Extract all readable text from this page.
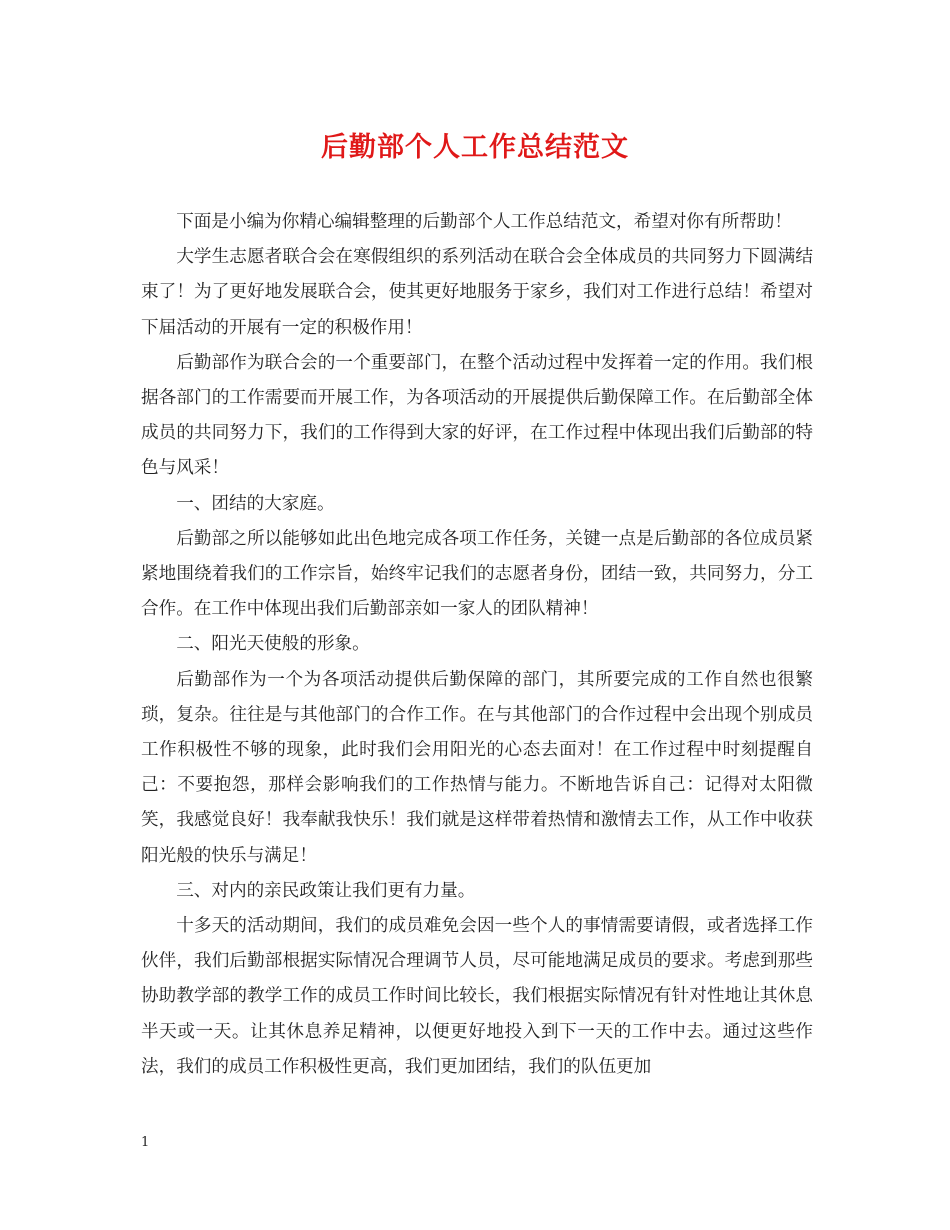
后勤部个人工作总结范文

下面是小编为你精心编辑整理的后勤部个人工作总结范文，希望对你有所帮助！

大学生志愿者联合会在寒假组织的系列活动在联合会全体成员的共同努力下圆满结束了！为了更好地发展联合会，使其更好地服务于家乡，我们对工作进行总结！希望对下届活动的开展有一定的积极作用！

后勤部作为联合会的一个重要部门，在整个活动过程中发挥着一定的作用。我们根据各部门的工作需要而开展工作，为各项活动的开展提供后勤保障工作。在后勤部全体成员的共同努力下，我们的工作得到大家的好评，在工作过程中体现出我们后勤部的特色与风采！

一、团结的大家庭。

后勤部之所以能够如此出色地完成各项工作任务，关键一点是后勤部的各位成员紧紧地围绕着我们的工作宗旨，始终牢记我们的志愿者身份，团结一致，共同努力，分工合作。在工作中体现出我们后勤部亲如一家人的团队精神！

二、阳光天使般的形象。

后勤部作为一个为各项活动提供后勤保障的部门，其所要完成的工作自然也很繁琐，复杂。往往是与其他部门的合作工作。在与其他部门的合作过程中会出现个别成员工作积极性不够的现象，此时我们会用阳光的心态去面对！在工作过程中时刻提醒自己：不要抱怨，那样会影响我们的工作热情与能力。不断地告诉自己：记得对太阳微笑，我感觉良好！我奉献我快乐！我们就是这样带着热情和激情去工作，从工作中收获阳光般的快乐与满足！

三、对内的亲民政策让我们更有力量。

十多天的活动期间，我们的成员难免会因一些个人的事情需要请假，或者选择工作伙伴，我们后勤部根据实际情况合理调节人员，尽可能地满足成员的要求。考虑到那些协助教学部的教学工作的成员工作时间比较长，我们根据实际情况有针对性地让其休息半天或一天。让其休息养足精神，以便更好地投入到下一天的工作中去。通过这些作法，我们的成员工作积极性更高，我们更加团结，我们的队伍更加

1
